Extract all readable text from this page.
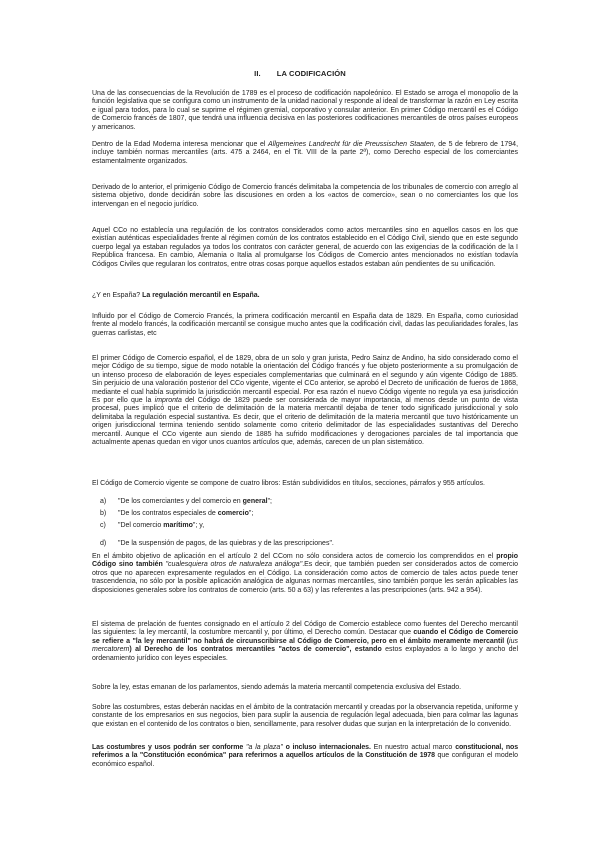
II. LA CODIFICACIÓN

Una de las consecuencias de la Revolución de 1789 es el proceso de codificación napoleónico. El Estado se arroga el monopolio de la función legislativa que se configura como un instrumento de la unidad nacional y responde al ideal de transformar la razón en Ley escrita e igual para todos, para lo cual se suprime el régimen gremial, corporativo y consular anterior. En primer Código mercantil es el Código de Comercio francés de 1807, que tendrá una influencia decisiva en las posteriores codificaciones mercantiles de otros países europeos y americanos.

Dentro de la Edad Moderna interesa mencionar que el Allgemeines Landrecht für die Preussischen Staaten, de 5 de febrero de 1794, incluye también normas mercantiles (arts. 475 a 2464, en el Tit. VIII de la parte 2ª), como Derecho especial de los comerciantes estamentalmente organizados.

Derivado de lo anterior, el primigenio Código de Comercio francés delimitaba la competencia de los tribunales de comercio con arreglo al sistema objetivo, donde decidirán sobre las discusiones en orden a los «actos de comercio», sean o no comerciantes los que los intervengan en el negocio jurídico.

Aquel CCo no establecía una regulación de los contratos considerados como actos mercantiles sino en aquellos casos en los que existían auténticas especialidades frente al régimen común de los contratos establecido en el Código Civil, siendo que en este segundo cuerpo legal ya estaban regulados ya todos los contratos con carácter general, de acuerdo con las exigencias de la codificación de la I República francesa. En cambio, Alemania o Italia al promulgarse los Códigos de Comercio antes mencionados no existían todavía Códigos Civiles que regularan los contratos, entre otras cosas porque aquellos estados estaban aún pendientes de su unificación.

¿Y en España? La regulación mercantil en España.

Influido por el Código de Comercio Francés, la primera codificación mercantil en España data de 1829. En España, como curiosidad frente al modelo francés, la codificación mercantil se consigue mucho antes que la codificación civil, dadas las peculiaridades forales, las guerras carlistas, etc

El primer Código de Comercio español, el de 1829, obra de un solo y gran jurista, Pedro Sainz de Andino, ha sido considerado como el mejor Código de su tiempo, sigue de modo notable la orientación del Código francés y fue objeto posteriormente a su promulgación de un intenso proceso de elaboración de leyes especiales complementarias que culminará en el segundo y aún vigente Código de 1885. Sin perjuicio de una valoración posterior del CCo vigente, vigente el CCo anterior, se aprobó el Decreto de unificación de fueros de 1868, mediante el cual había suprimido la jurisdicción mercantil especial. Por esa razón el nuevo Código vigente no regula ya esa jurisdicción Es por ello que la impronta del Código de 1829 puede ser considerada de mayor importancia, al menos desde un punto de vista procesal, pues implicó que el criterio de delimitación de la materia mercantil dejaba de tener todo significado jurisdiccional y solo delimitaba la regulación especial sustantiva. Es decir, que el criterio de delimitación de la materia mercantil que tuvo históricamente un origen jurisdiccional termina teniendo sentido solamente como criterio delimitador de las especialidades sustantivas del Derecho mercantil. Aunque el CCo vigente aun siendo de 1885 ha sufrido modificaciones y derogaciones parciales de tal importancia que actualmente apenas quedan en vigor unos cuantos artículos que, además, carecen de un plan sistemático.

El Código de Comercio vigente se compone de cuatro libros: Están subdivididos en títulos, secciones, párrafos y 955 artículos.

a) "De los comerciantes y del comercio en general";
b) "De los contratos especiales de comercio";
c) "Del comercio marítimo"; y,
d) "De la suspensión de pagos, de las quiebras y de las prescripciones".

En el ámbito objetivo de aplicación en el artículo 2 del CCom no sólo considera actos de comercio los comprendidos en el propio Código sino también "cualesquiera otros de naturaleza análoga".Es decir, que también pueden ser considerados actos de comercio otros que no aparecen expresamente regulados en el Código. La consideración como actos de comercio de tales actos puede tener trascendencia, no sólo por la posible aplicación analógica de algunas normas mercantiles, sino también porque les serán aplicables las disposiciones generales sobre los contratos de comercio (arts. 50 a 63) y las referentes a las prescripciones (arts. 942 a 954).

El sistema de prelación de fuentes consignado en el artículo 2 del Código de Comercio establece como fuentes del Derecho mercantil las siguientes: la ley mercantil, la costumbre mercantil y, por último, el Derecho común. Destacar que cuando el Código de Comercio se refiere a "la ley mercantil" no habrá de circunscribirse al Código de Comercio, pero en el ámbito meramente mercantil (ius mercatorem) al Derecho de los contratos mercantiles "actos de comercio", estando estos explayados a lo largo y ancho del ordenamiento jurídico con leyes especiales.

Sobre la ley, estas emanan de los parlamentos, siendo además la materia mercantil competencia exclusiva del Estado.

Sobre las costumbres, estas deberán nacidas en el ámbito de la contratación mercantil y creadas por la observancia repetida, uniforme y constante de los empresarios en sus negocios, bien para suplir la ausencia de regulación legal adecuada, bien para colmar las lagunas que existan en el contenido de los contratos o bien, sencillamente, para resolver dudas que surjan en la interpretación de lo convenido.

Las costumbres y usos podrán ser conforme "a la plaza" o incluso internacionales. En nuestro actual marco constitucional, nos referimos a la "Constitución económica" para referirnos a aquellos artículos de la Constitución de 1978 que configuran el modelo económico español.
